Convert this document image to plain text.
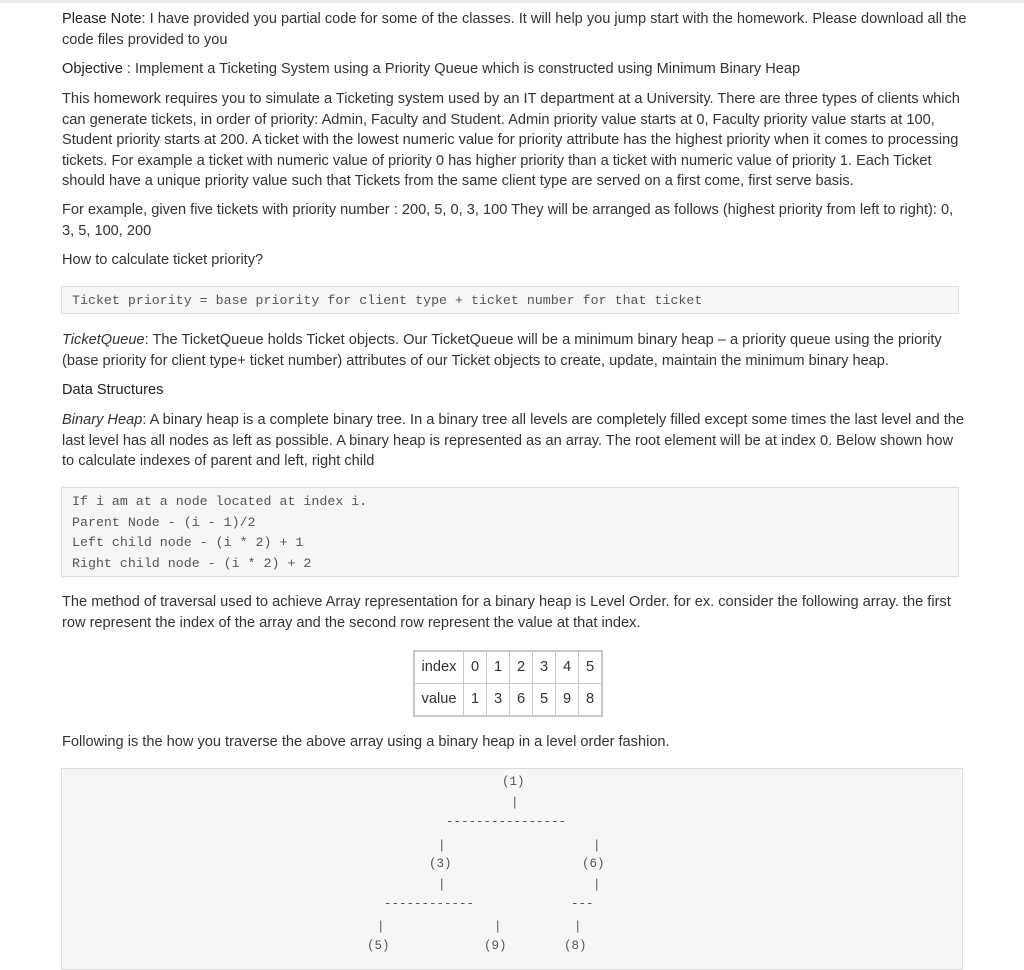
Please Note: I have provided you partial code for some of the classes. It will help you jump start with the homework. Please download all the code files provided to you

Objective : Implement a Ticketing System using a Priority Queue which is constructed using Minimum Binary Heap

This homework requires you to simulate a Ticketing system used by an IT department at a University. There are three types of clients which can generate tickets, in order of priority: Admin, Faculty and Student. Admin priority value starts at 0, Faculty priority value starts at 100, Student priority starts at 200. A ticket with the lowest numeric value for priority attribute has the highest priority when it comes to processing tickets. For example a ticket with numeric value of priority 0 has higher priority than a ticket with numeric value of priority 1. Each Ticket should have a unique priority value such that Tickets from the same client type are served on a first come, first serve basis.

For example, given five tickets with priority number : 200, 5, 0, 3, 100 They will be arranged as follows (highest priority from left to right): 0, 3, 5, 100, 200

How to calculate ticket priority?

Ticket priority = base priority for client type + ticket number for that ticket

TicketQueue: The TicketQueue holds Ticket objects. Our TicketQueue will be a minimum binary heap – a priority queue using the priority (base priority for client type+ ticket number) attributes of our Ticket objects to create, update, maintain the minimum binary heap.

Data Structures

Binary Heap: A binary heap is a complete binary tree. In a binary tree all levels are completely filled except some times the last level and the last level has all nodes as left as possible. A binary heap is represented as an array. The root element will be at index 0. Below shown how to calculate indexes of parent and left, right child

If i am at a node located at index i.
Parent Node - (i - 1)/2
Left child node - (i * 2) + 1
Right child node - (i * 2) + 2

The method of traversal used to achieve Array representation for a binary heap is Level Order. for ex. consider the following array. the first row represent the index of the array and the second row represent the value at that index.

index	0	1	2	3	4	5
value	1	3	6	5	9	8

Following is the how you traverse the above array using a binary heap in a level order fashion.

(1)
|
----------------
|	|
(3)	(6)
|	|
------------	---
|	|	|
(5)	(9)	(8)
